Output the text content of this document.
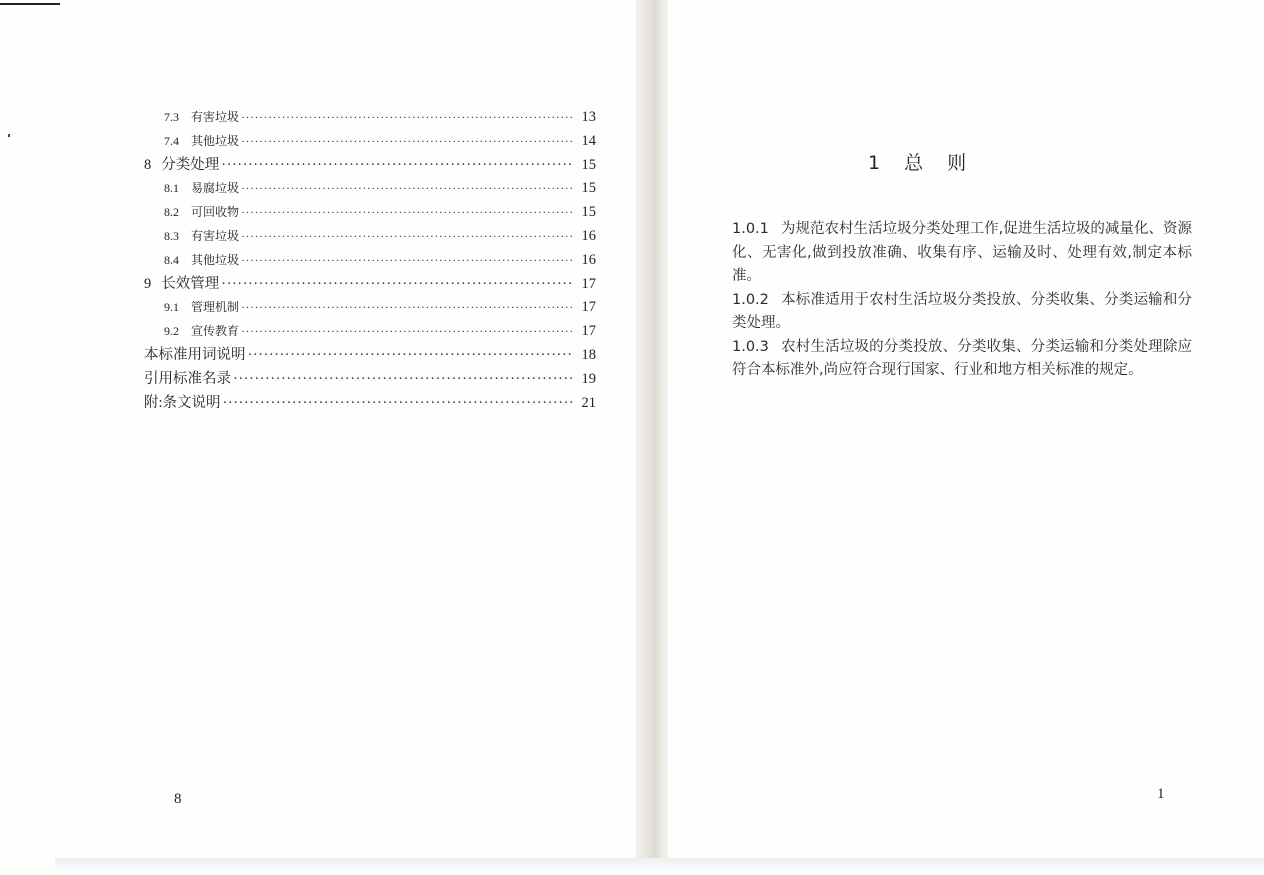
7.3 有害垃圾 ·····	13
7.4 其他垃圾 ·····	14
8 分类处理 ·····	15
8.1 易腐垃圾 ·····	15
8.2 可回收物 ·····	15
8.3 有害垃圾 ·····	16
8.4 其他垃圾 ·····	16
9 长效管理 ·····	17
9.1 管理机制 ·····	17
9.2 宣传教育 ·····	17
本标准用词说明 ·····	18
引用标准名录 ·····	19
附:条文说明 ·····	21
8
1 总 则

1.0.1 为规范农村生活垃圾分类处理工作,促进生活垃圾的减量化、资源化、无害化,做到投放准确、收集有序、运输及时、处理有效,制定本标准。

1.0.2 本标准适用于农村生活垃圾分类投放、分类收集、分类运输和分类处理。

1.0.3 农村生活垃圾的分类投放、分类收集、分类运输和分类处理除应符合本标准外,尚应符合现行国家、行业和地方相关标准的规定。

1
